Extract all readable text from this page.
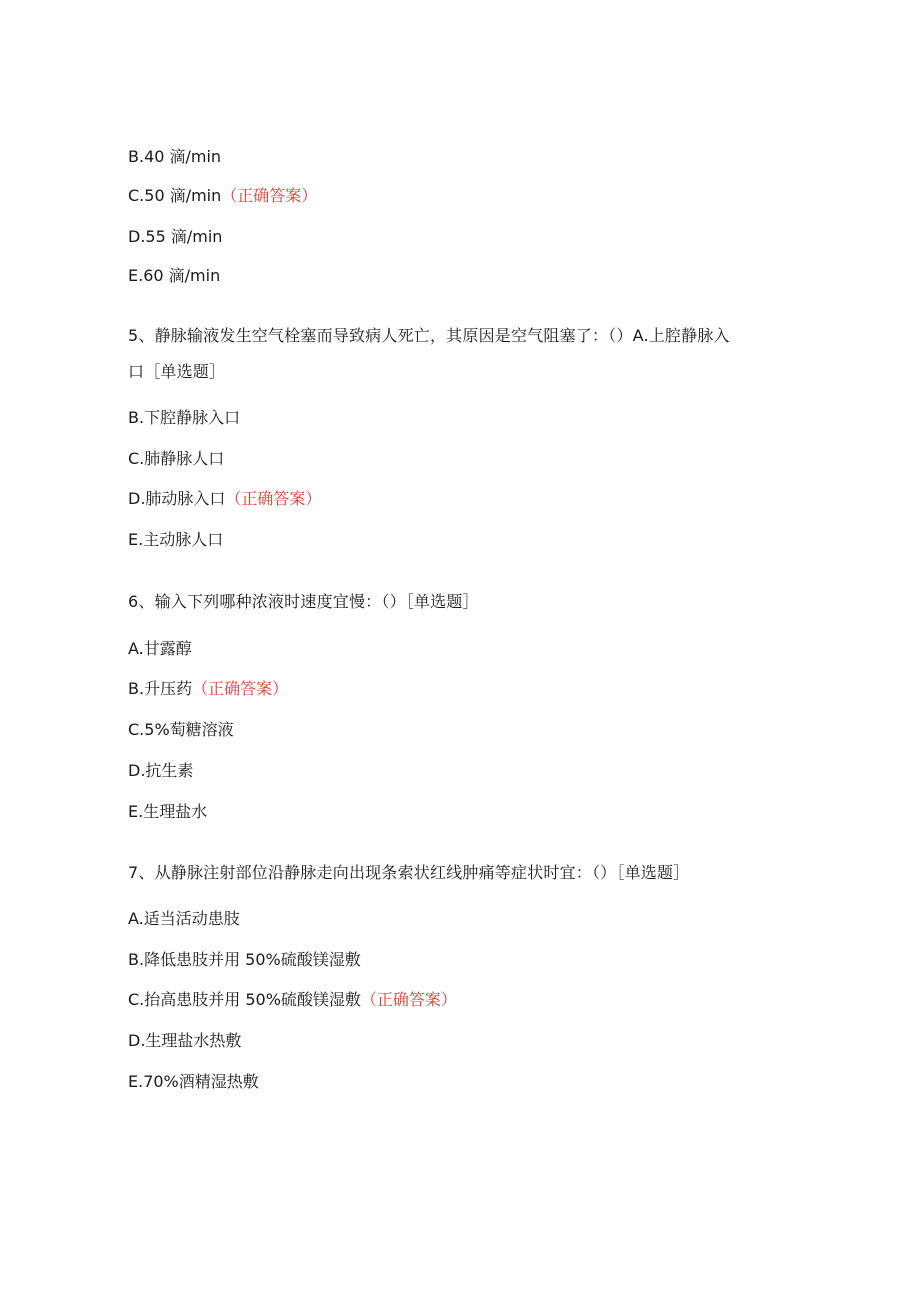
B.40 滴/min
C.50 滴/min（正确答案）
D.55 滴/min
E.60 滴/min
5、静脉输液发生空气栓塞而导致病人死亡，其原因是空气阻塞了：（）A.上腔静脉入
口［单选题］
B.下腔静脉入口
C.肺静脉人口
D.肺动脉入口（正确答案）
E.主动脉人口
6、输入下列哪种浓液时速度宜慢：（）［单选题］
A.甘露醇
B.升压药（正确答案）
C.5%萄糖溶液
D.抗生素
E.生理盐水
7、从静脉注射部位沿静脉走向出现条索状红线肿痛等症状时宜：（）［单选题］
A.适当活动患肢
B.降低患肢并用 50%硫酸镁湿敷
C.抬高患肢并用 50%硫酸镁湿敷（正确答案）
D.生理盐水热敷
E.70%酒精湿热敷
